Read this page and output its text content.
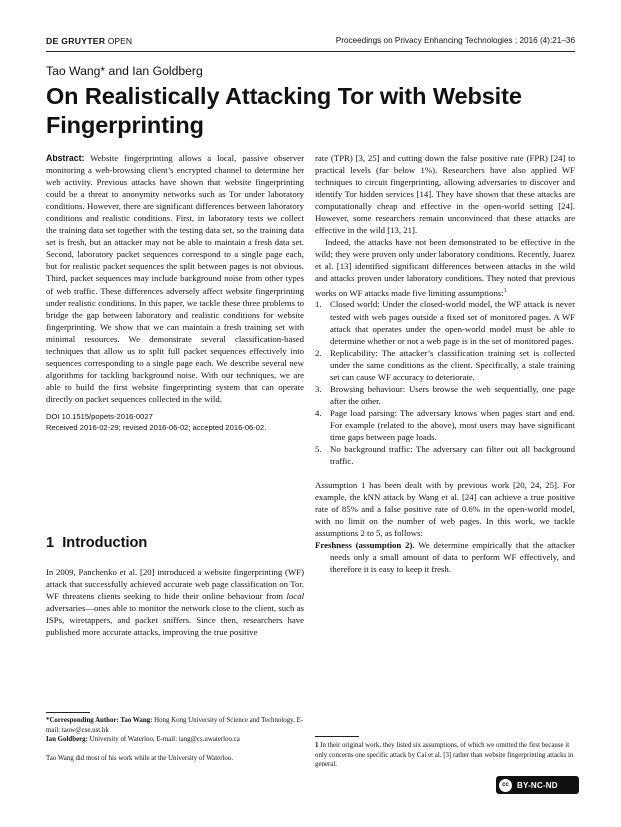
DE GRUYTER OPEN	Proceedings on Privacy Enhancing Technologies ; 2016 (4):21–36
Tao Wang* and Ian Goldberg
On Realistically Attacking Tor with Website Fingerprinting

Abstract: Website fingerprinting allows a local, passive observer monitoring a web-browsing client’s encrypted channel to determine her web activity. Previous attacks have shown that website fingerprinting could be a threat to anonymity networks such as Tor under laboratory conditions. However, there are significant differences between laboratory conditions and realistic conditions. First, in laboratory tests we collect the training data set together with the testing data set, so the training data set is fresh, but an attacker may not be able to maintain a fresh data set. Second, laboratory packet sequences correspond to a single page each, but for realistic packet sequences the split between pages is not obvious. Third, packet sequences may include background noise from other types of web traffic. These differences adversely affect website fingerprinting under realistic conditions. In this paper, we tackle these three problems to bridge the gap between laboratory and realistic conditions for website fingerprinting. We show that we can maintain a fresh training set with minimal resources. We demonstrate several classification-based techniques that allow us to split full packet sequences effectively into sequences corresponding to a single page each. We describe several new algorithms for tackling background noise. With our techniques, we are able to build the first website fingerprinting system that can operate directly on packet sequences collected in the wild.

DOI 10.1515/popets-2016-0027
Received 2016-02-29; revised 2016-06-02; accepted 2016-06-02.
1 Introduction

In 2009, Panchenko et al. [20] introduced a website fingerprinting (WF) attack that successfully achieved accurate web page classification on Tor. WF threatens clients seeking to hide their online behaviour from local adversaries—ones able to monitor the network close to the client, such as ISPs, wiretappers, and packet sniffers. Since then, researchers have published more accurate attacks, improving the true positive

rate (TPR) [3, 25] and cutting down the false positive rate (FPR) [24] to practical levels (far below 1%). Researchers have also applied WF techniques to circuit fingerprinting, allowing adversaries to discover and identify Tor hidden services [14]. They have shown that these attacks are computationally cheap and effective in the open-world setting [24]. However, some researchers remain unconvinced that these attacks are effective in the wild [13, 21].

Indeed, the attacks have not been demonstrated to be effective in the wild; they were proven only under laboratory conditions. Recently, Juarez et al. [13] identified significant differences between attacks in the wild and attacks proven under laboratory conditions. They noted that previous works on WF attacks made five limiting assumptions:$^1$

1. Closed world: Under the closed-world model, the WF attack is never tested with web pages outside a fixed set of monitored pages. A WF attack that operates under the open-world model must be able to determine whether or not a web page is in the set of monitored pages.
2. Replicability: The attacker’s classification training set is collected under the same conditions as the client. Specifically, a stale training set can cause WF accuracy to deteriorate.
3. Browsing behaviour: Users browse the web sequentially, one page after the other.
4. Page load parsing: The adversary knows when pages start and end. For example (related to the above), most users may have significant time gaps between page loads.
5. No background traffic: The adversary can filter out all background traffic.

Assumption 1 has been dealt with by previous work [20, 24, 25]. For example, the kNN attack by Wang et al. [24] can achieve a true positive rate of 85% and a false positive rate of 0.6% in the open-world model, with no limit on the number of web pages. In this work, we tackle assumptions 2 to 5, as follows:

Freshness (assumption 2). We determine empirically that the attacker needs only a small amount of data to perform WF effectively, and therefore it is easy to keep it fresh.

*Corresponding Author: Tao Wang: Hong Kong University of Science and Technology, E-mail: taow@cse.ust.hk
Ian Goldberg: University of Waterloo, E-mail: iang@cs.uwaterloo.ca
Tao Wang did most of his work while at the University of Waterloo.
1 In their original work, they listed six assumptions, of which we omitted the first because it only concerns one specific attack by Cai et al. [3] rather than website fingerprinting attacks in general.
cc	BY-NC-ND
